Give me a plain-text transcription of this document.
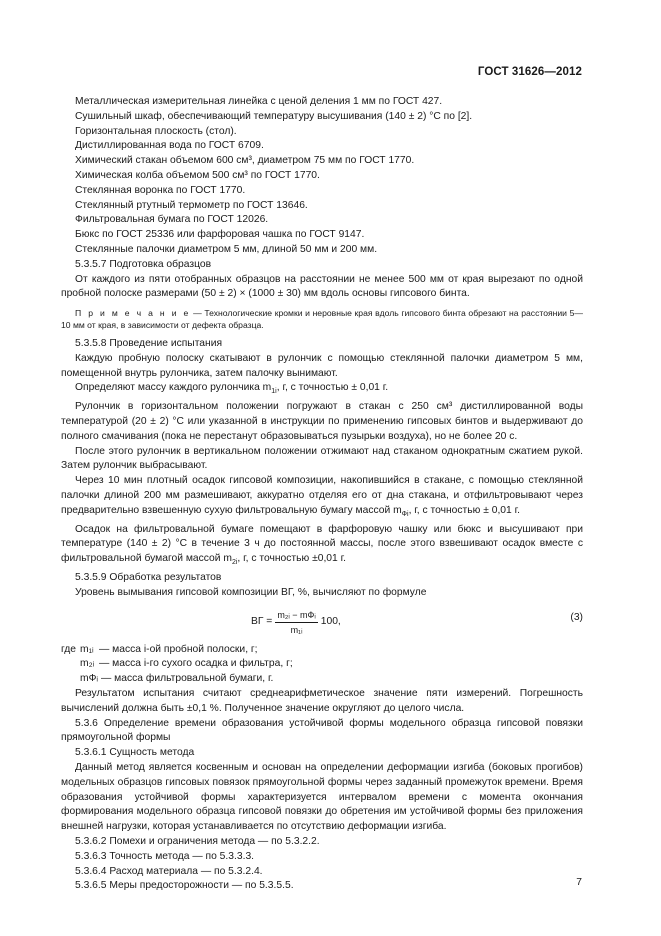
ГОСТ 31626—2012

Металлическая измерительная линейка с ценой деления 1 мм по ГОСТ 427.

Сушильный шкаф, обеспечивающий температуру высушивания (140 ± 2) °С по [2].

Горизонтальная плоскость (стол).

Дистиллированная вода по ГОСТ 6709.

Химический стакан объемом 600 см³, диаметром 75 мм по ГОСТ 1770.

Химическая колба объемом 500 см³ по ГОСТ 1770.

Стеклянная воронка по ГОСТ 1770.

Стеклянный ртутный термометр по ГОСТ 13646.

Фильтровальная бумага по ГОСТ 12026.

Бюкс по ГОСТ 25336 или фарфоровая чашка по ГОСТ 9147.

Стеклянные палочки диаметром 5 мм, длиной 50 мм и 200 мм.

5.3.5.7 Подготовка образцов

От каждого из пяти отобранных образцов на расстоянии не менее 500 мм от края вырезают по одной пробной полоске размерами (50 ± 2) × (1000 ± 30) мм вдоль основы гипсового бинта.

П р и м е ч а н и е — Технологические кромки и неровные края вдоль гипсового бинта обрезают на расстоянии 5—10 мм от края, в зависимости от дефекта образца.

5.3.5.8 Проведение испытания

Каждую пробную полоску скатывают в рулончик с помощью стеклянной палочки диаметром 5 мм, помещенной внутрь рулончика, затем палочку вынимают.

Определяют массу каждого рулончика $m_{1i}$, г, с точностью ± 0,01 г.

Рулончик в горизонтальном положении погружают в стакан с 250 см³ дистиллированной воды температурой (20 ± 2) °С или указанной в инструкции по применению гипсовых бинтов и выдерживают до полного смачивания (пока не перестанут образовываться пузырьки воздуха), но не более 20 с.

После этого рулончик в вертикальном положении отжимают над стаканом однократным сжатием рукой. Затем рулончик выбрасывают.

Через 10 мин плотный осадок гипсовой композиции, накопившийся в стакане, с помощью стеклянной палочки длиной 200 мм размешивают, аккуратно отделяя его от дна стакана, и отфильтровывают через предварительно взвешенную сухую фильтровальную бумагу массой $m_{Фi}$, г, с точностью ± 0,01 г.

Осадок на фильтровальной бумаге помещают в фарфоровую чашку или бюкс и высушивают при температуре (140 ± 2) °С в течение 3 ч до постоянной массы, после этого взвешивают осадок вместе с фильтровальной бумагой массой $m_{2i}$, г, с точностью ±0,01 г.

5.3.5.9 Обработка результатов

Уровень вымывания гипсовой композиции ВГ, %, вычисляют по формуле

ВГ = $\frac{\text{m₂ᵢ − mФᵢ}}{\text{m₁ᵢ}} 100$,	(3)
где m₁ᵢ — масса i-ой пробной полоски, г;
m₂ᵢ — масса i-го сухого осадка и фильтра, г;
mФᵢ — масса фильтровальной бумаги, г.

Результатом испытания считают среднеарифметическое значение пяти измерений. Погрешность вычислений должна быть ±0,1 %. Полученное значение округляют до целого числа.

5.3.6 Определение времени образования устойчивой формы модельного образца гипсовой повязки прямоугольной формы

5.3.6.1 Сущность метода

Данный метод является косвенным и основан на определении деформации изгиба (боковых прогибов) модельных образцов гипсовых повязок прямоугольной формы через заданный промежуток времени. Время образования устойчивой формы характеризуется интервалом времени с момента окончания формирования модельного образца гипсовой повязки до обретения им устойчивой формы без приложения внешней нагрузки, которая устанавливается по отсутствию деформации изгиба.

5.3.6.2 Помехи и ограничения метода — по 5.3.2.2.

5.3.6.3 Точность метода — по 5.3.3.3.

5.3.6.4 Расход материала — по 5.3.2.4.

5.3.6.5 Меры предосторожности — по 5.3.5.5.	7
